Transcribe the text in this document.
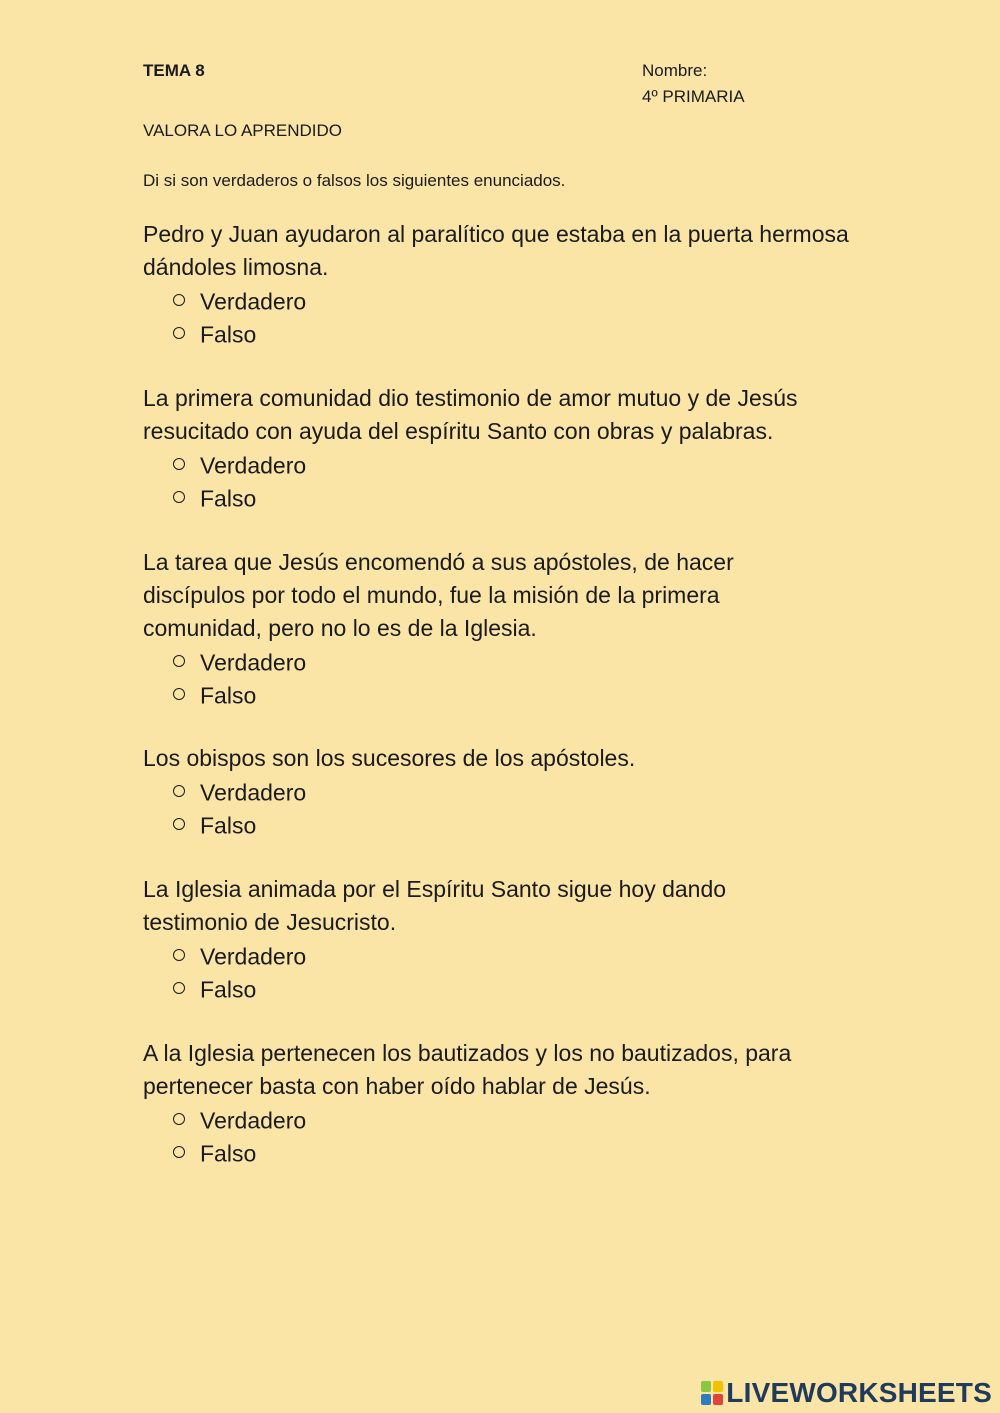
TEMA 8	Nombre:
4º PRIMARIA
VALORA LO APRENDIDO
Di si son verdaderos o falsos los siguientes enunciados.

Pedro y Juan ayudaron al paralítico que estaba en la puerta hermosa dándoles limosna.

Verdadero
Falso

La primera comunidad dio testimonio de amor mutuo y de Jesús resucitado con ayuda del espíritu Santo con obras y palabras.

Verdadero
Falso

La tarea que Jesús encomendó a sus apóstoles, de hacer discípulos por todo el mundo, fue la misión de la primera comunidad, pero no lo es de la Iglesia.

Verdadero
Falso

Los obispos son los sucesores de los apóstoles.

Verdadero
Falso

La Iglesia animada por el Espíritu Santo sigue hoy dando testimonio de Jesucristo.

Verdadero
Falso

A la Iglesia pertenecen los bautizados y los no bautizados, para pertenecer basta con haber oído hablar de Jesús.

Verdadero
Falso
LIVEWORKSHEETS
